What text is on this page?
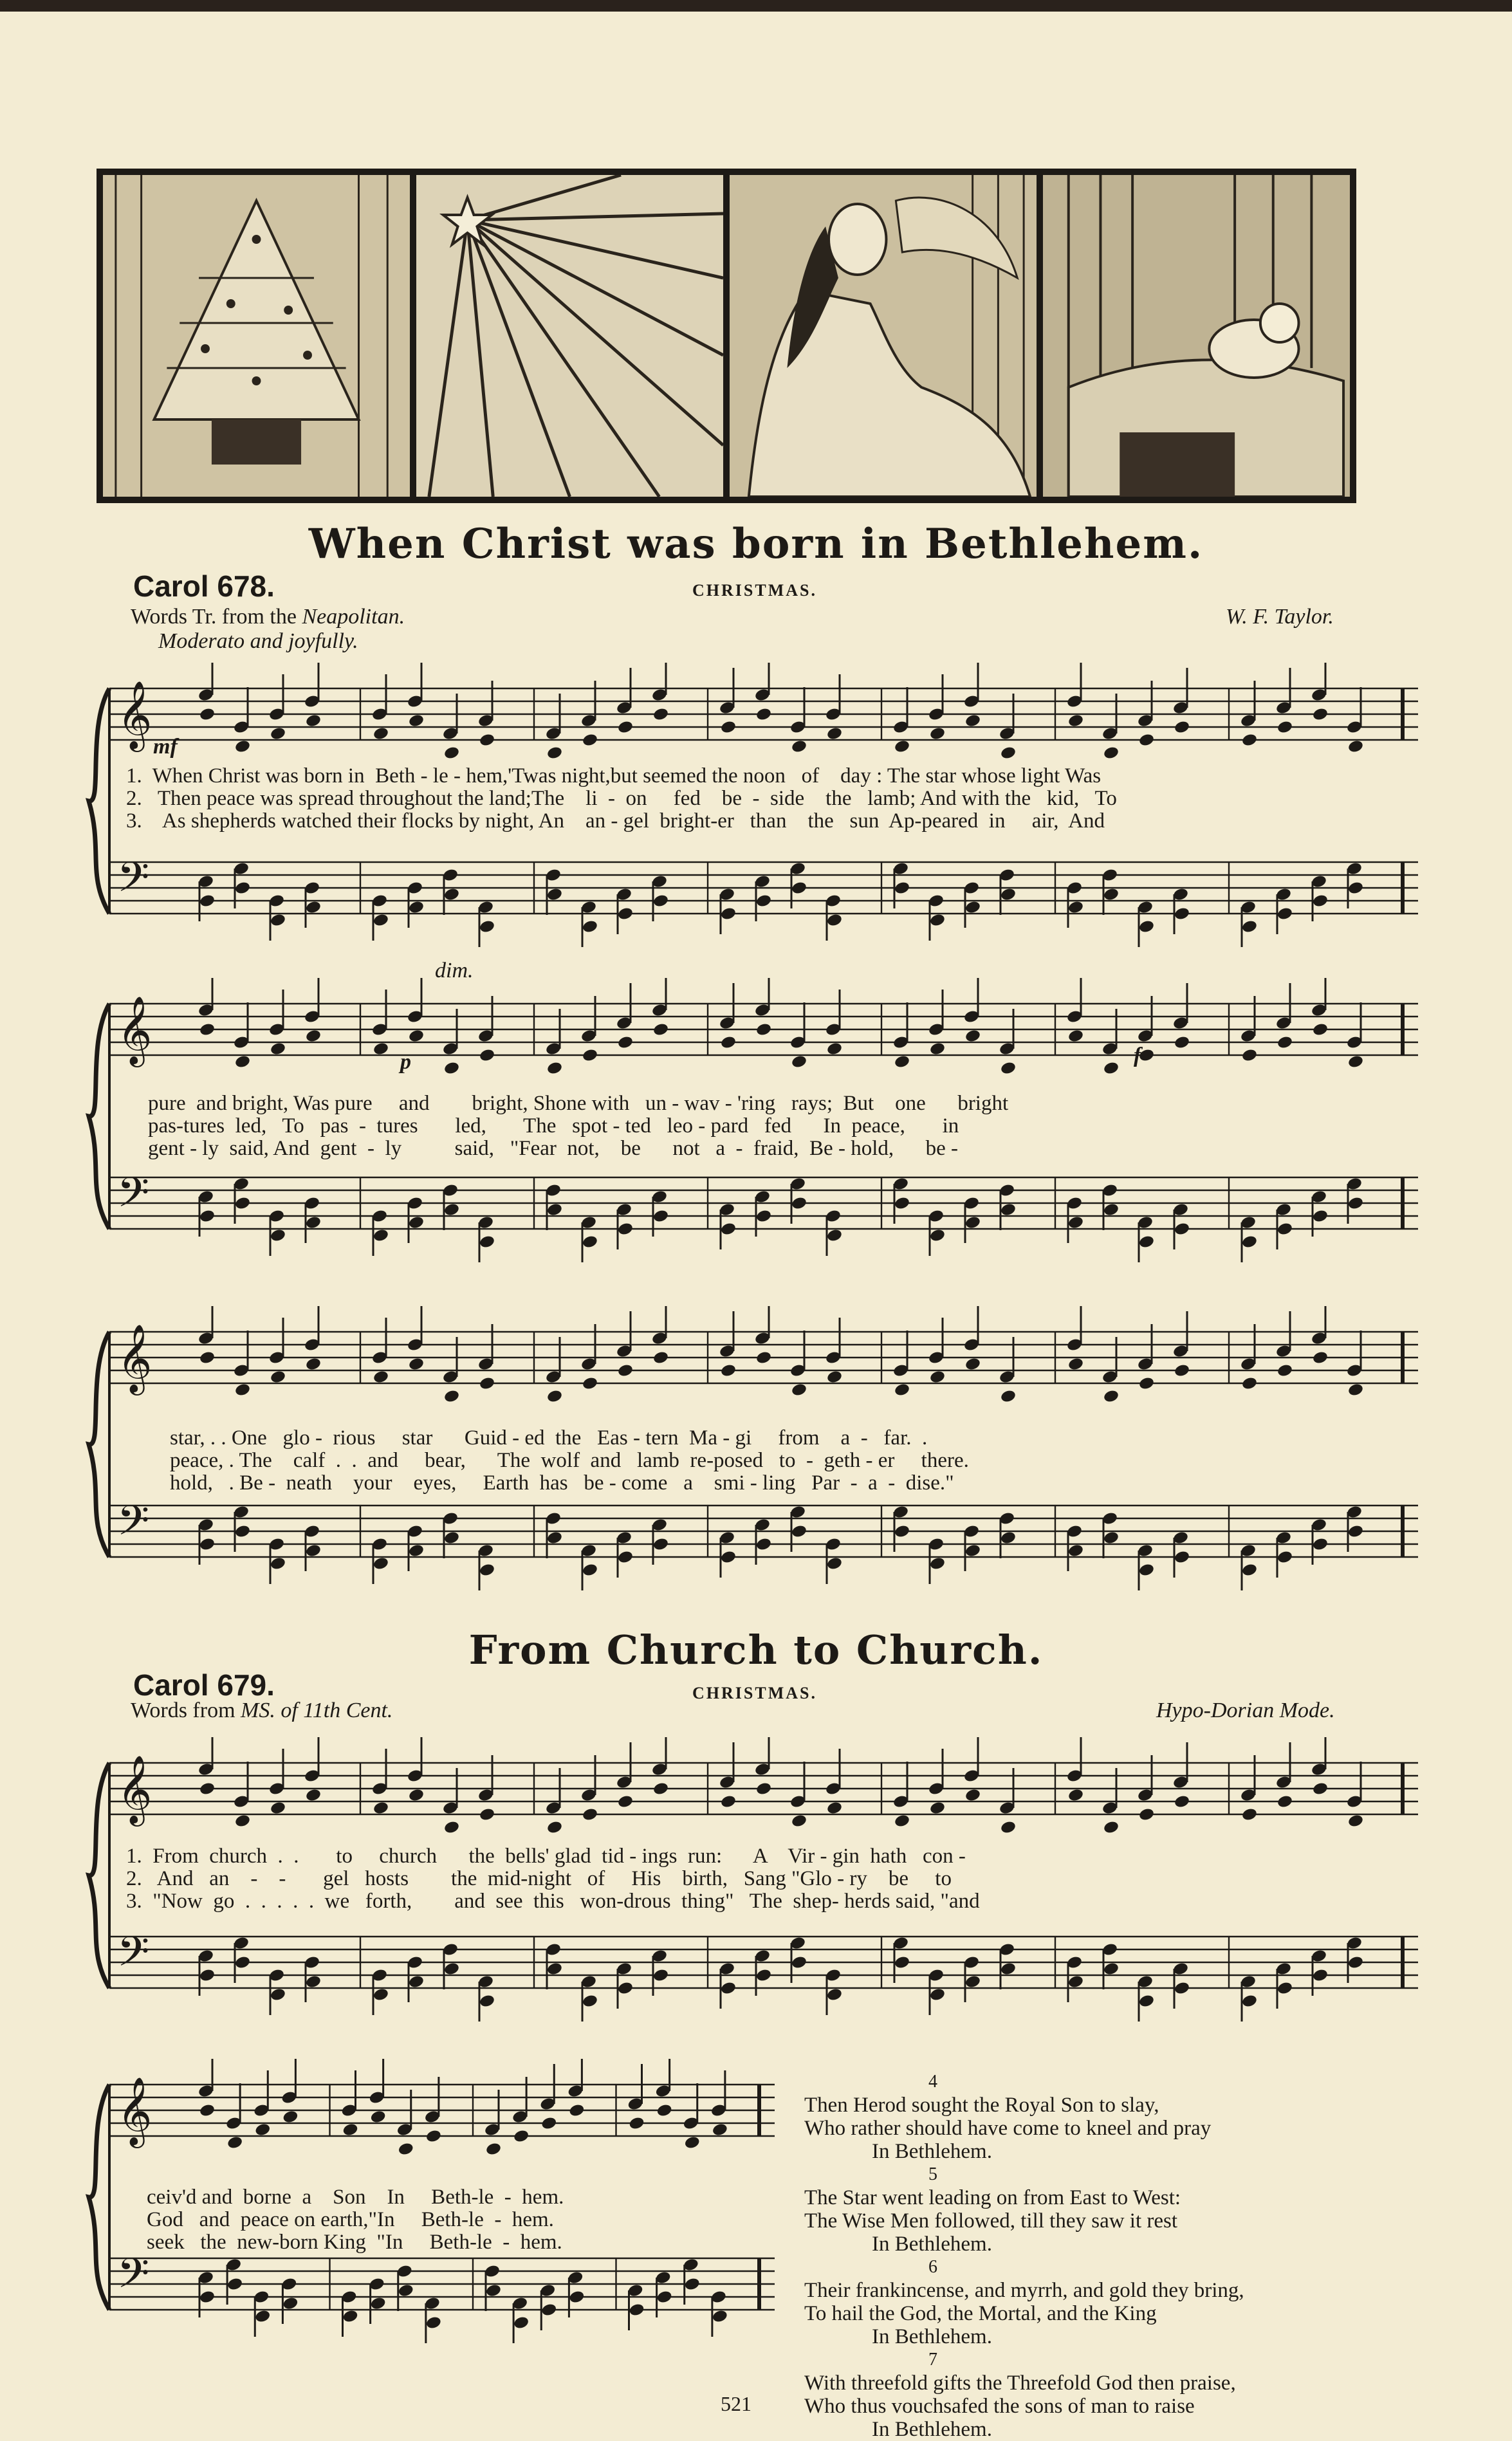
When Christ was born in Bethlehem.
Carol 678.	CHRISTMAS.
Words Tr. from the Neapolitan.	W. F. Taylor.
Moderato and joyfully.
𝄞
𝄢
mf
1.  When Christ was born in  Beth - le - hem,'Twas night,but seemed the noon   of    day : The star whose light Was
2.   Then peace was spread throughout the land;The    li  -  on     fed    be  -  side    the   lamb; And with the   kid,   To
3.    As shepherds watched their flocks by night, An    an - gel  bright-er   than    the   sun  Ap-peared  in     air,  And
𝄞
𝄢
dim.
p	f
pure  and bright, Was pure     and        bright, Shone with   un - wav - 'ring   rays;  But    one      bright
pas-tures  led,   To   pas  -  tures       led,       The   spot - ted   leo - pard   fed      In  peace,       in
gent - ly  said, And  gent  -  ly          said,   "Fear  not,    be      not   a  -  fraid,  Be - hold,      be -
𝄞
𝄢
star, . . One   glo -  rious     star      Guid - ed  the   Eas - tern  Ma - gi     from    a  -   far.  .
peace, . The    calf  .  .  and     bear,      The  wolf  and   lamb  re-posed   to  -  geth - er     there.
hold,   . Be -  neath    your    eyes,     Earth  has   be - come   a    smi - ling   Par  -  a  -  dise."
From Church to Church.
Carol 679.	CHRISTMAS.
Words from MS. of 11th Cent.	Hypo-Dorian Mode.
𝄞
𝄢
1.  From  church  .  .       to     church      the  bells' glad  tid - ings  run:      A    Vir - gin  hath   con -
2.   And   an    -    -       gel   hosts        the  mid-night   of     His    birth,   Sang "Glo - ry    be     to
3.  "Now  go  .  .  .  .  .  we   forth,        and  see  this   won-drous  thing"   The  shep- herds said, "and
𝄞
𝄢
ceiv'd and  borne  a    Son    In     Beth-le  -  hem.
God   and  peace on earth,"In     Beth-le  -  hem.
seek   the  new-born King  "In     Beth-le  -  hem.
4
Then Herod sought the Royal Son to slay,
Who rather should have come to kneel and pray
In Bethlehem.
5
The Star went leading on from East to West:
The Wise Men followed, till they saw it rest
In Bethlehem.
6
Their frankincense, and myrrh, and gold they bring,
To hail the God, the Mortal, and the King
In Bethlehem.
7
With threefold gifts the Threefold God then praise,
Who thus vouchsafed the sons of man to raise
In Bethlehem.
521
